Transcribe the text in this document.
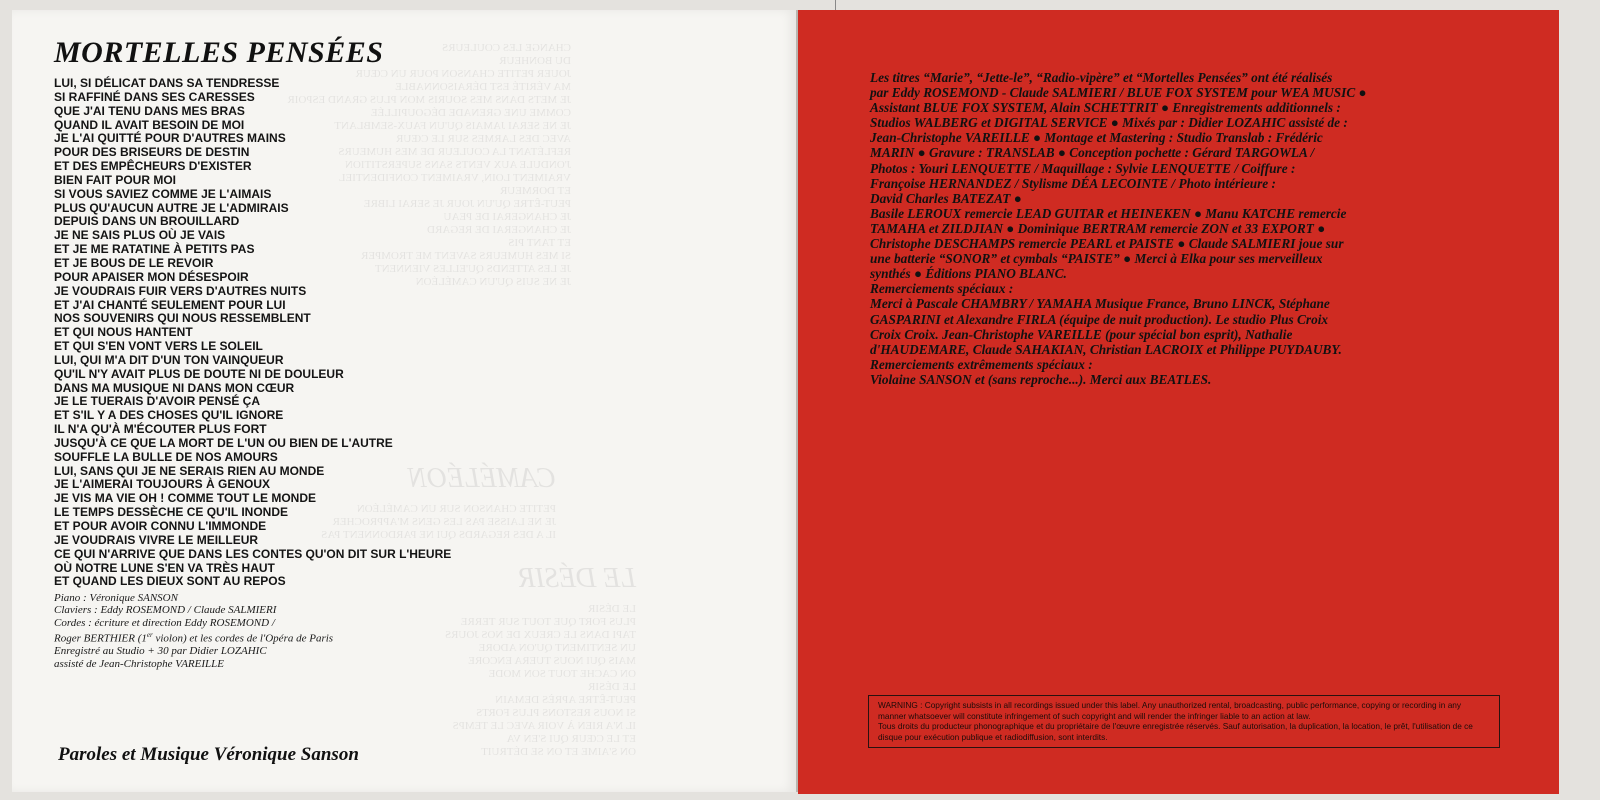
CHANGE LES COULEURS
DU BONHEUR
JOUER PETITE CHANSON POUR UN CŒUR
MA VÉRITÉ EST DÉRAISONNABLE
JE METS DANS MES SOURIS MON PLUS GRAND ESPOIR
COMME UNE GRENADE DÉGOUPILLÉE
JE NE SERAI JAMAIS QU'UN FAUX-SEMBLANT
AVEC DES LARMES SUR LE CŒUR
REFLÉTANT LA COULEUR DE MES HUMEURS
J'ONDULE AUX VENTS SANS SUPERSTITION
VRAIMENT LOIN, VRAIMENT CONFIDENTIEL
ET DORMEUR
PEUT-ÊTRE QU'UN JOUR JE SERAI LIBRE
JE CHANGERAI DE PEAU
JE CHANGERAI DE REGARD
ET TANT PIS
SI MES HUMEURS SAVENT ME TROMPER
JE LES ATTENDS QU'ELLES VIENNENT
JE NE SUIS QU'UN CAMÉLÉON
CAMÉLÉON
PETITE CHANSON SUR UN CAMÉLÉON
JE NE LAISSE PAS LES GENS M'APPROCHER
IL A DES REGARDS QUI NE PARDONNENT PAS
LE DÉSIR
LE DÉSIR
PLUS FORT QUE TOUT SUR TERRE
TAPI DANS LE CREUX DE NOS JOURS
UN SENTIMENT QU'ON ADORE
MAIS QUI NOUS TUERA ENCORE
ON CACHE TOUT SON MODE
LE DÉSIR
PEUT-ÊTRE APRÈS DEMAIN
SI NOUS RESTONS PLUS FORTS
IL N'A RIEN À VOIR AVEC LE TEMPS
ET LE CŒUR QUI S'EN VA
ON S'AIME ET ON SE DÉTRUIT
MORTELLES PENSÉES
LUI, SI DÉLICAT DANS SA TENDRESSE
SI RAFFINÉ DANS SES CARESSES
QUE J'AI TENU DANS MES BRAS
QUAND IL AVAIT BESOIN DE MOI
JE L'AI QUITTÉ POUR D'AUTRES MAINS
POUR DES BRISEURS DE DESTIN
ET DES EMPÊCHEURS D'EXISTER
BIEN FAIT POUR MOI
SI VOUS SAVIEZ COMME JE L'AIMAIS
PLUS QU'AUCUN AUTRE JE L'ADMIRAIS
DEPUIS DANS UN BROUILLARD
JE NE SAIS PLUS OÙ JE VAIS
ET JE ME RATATINE À PETITS PAS
ET JE BOUS DE LE REVOIR
POUR APAISER MON DÉSESPOIR
JE VOUDRAIS FUIR VERS D'AUTRES NUITS
ET J'AI CHANTÉ SEULEMENT POUR LUI
NOS SOUVENIRS QUI NOUS RESSEMBLENT
ET QUI NOUS HANTENT
ET QUI S'EN VONT VERS LE SOLEIL
LUI, QUI M'A DIT D'UN TON VAINQUEUR
QU'IL N'Y AVAIT PLUS DE DOUTE NI DE DOULEUR
DANS MA MUSIQUE NI DANS MON CŒUR
JE LE TUERAIS D'AVOIR PENSÉ ÇA
ET S'IL Y A DES CHOSES QU'IL IGNORE
IL N'A QU'À M'ÉCOUTER PLUS FORT
JUSQU'À CE QUE LA MORT DE L'UN OU BIEN DE L'AUTRE
SOUFFLE LA BULLE DE NOS AMOURS
LUI, SANS QUI JE NE SERAIS RIEN AU MONDE
JE L'AIMERAI TOUJOURS À GENOUX
JE VIS MA VIE OH ! COMME TOUT LE MONDE
LE TEMPS DESSÈCHE CE QU'IL INONDE
ET POUR AVOIR CONNU L'IMMONDE
JE VOUDRAIS VIVRE LE MEILLEUR
CE QUI N'ARRIVE QUE DANS LES CONTES QU'ON DIT SUR L'HEURE
OÙ NOTRE LUNE S'EN VA TRÈS HAUT
ET QUAND LES DIEUX SONT AU REPOS
Piano : Véronique SANSON
Claviers : Eddy ROSEMOND / Claude SALMIERI
Cordes : écriture et direction Eddy ROSEMOND /
Roger BERTHIER (1er violon) et les cordes de l'Opéra de Paris
Enregistré au Studio + 30 par Didier LOZAHIC
assisté de Jean-Christophe VAREILLE
Paroles et Musique Véronique Sanson

Les titres “Marie”, “Jette-le”, “Radio-vipère” et “Mortelles Pensées” ont été réalisés

par Eddy ROSEMOND - Claude SALMIERI / BLUE FOX SYSTEM pour WEA MUSIC ●

Assistant BLUE FOX SYSTEM, Alain SCHETTRIT ● Enregistrements additionnels :

Studios WALBERG et DIGITAL SERVICE ● Mixés par : Didier LOZAHIC assisté de :

Jean-Christophe VAREILLE ● Montage et Mastering : Studio Translab : Frédéric

MARIN ● Gravure : TRANSLAB ● Conception pochette : Gérard TARGOWLA /

Photos : Youri LENQUETTE / Maquillage : Sylvie LENQUETTE / Coiffure :

Françoise HERNANDEZ / Stylisme DÉA LECOINTE / Photo intérieure :

David Charles BATEZAT ●

Basile LEROUX remercie LEAD GUITAR et HEINEKEN ● Manu KATCHE remercie

TAMAHA et ZILDJIAN ● Dominique BERTRAM remercie ZON et 33 EXPORT ●

Christophe DESCHAMPS remercie PEARL et PAISTE ● Claude SALMIERI joue sur

une batterie “SONOR” et cymbals “PAISTE” ● Merci à Elka pour ses merveilleux

synthés ● Éditions PIANO BLANC.

Remerciements spéciaux :

Merci à Pascale CHAMBRY / YAMAHA Musique France, Bruno LINCK, Stéphane

GASPARINI et Alexandre FIRLA (équipe de nuit production). Le studio Plus Croix

Croix Croix. Jean-Christophe VAREILLE (pour spécial bon esprit), Nathalie

d'HAUDEMARE, Claude SAHAKIAN, Christian LACROIX et Philippe PUYDAUBY.

Remerciements extrêmements spéciaux :

Violaine SANSON et (sans reproche...). Merci aux BEATLES.

WARNING : Copyright subsists in all recordings issued under this label. Any unauthorized rental, broadcasting, public performance, copying or recording in any manner whatsoever will constitute infringement of such copyright and will render the infringer liable to an action at law.

Tous droits du producteur phonographique et du propriétaire de l'œuvre enregistrée réservés. Sauf autorisation, la duplication, la location, le prêt, l'utilisation de ce disque pour exécution publique et radiodiffusion, sont interdits.
